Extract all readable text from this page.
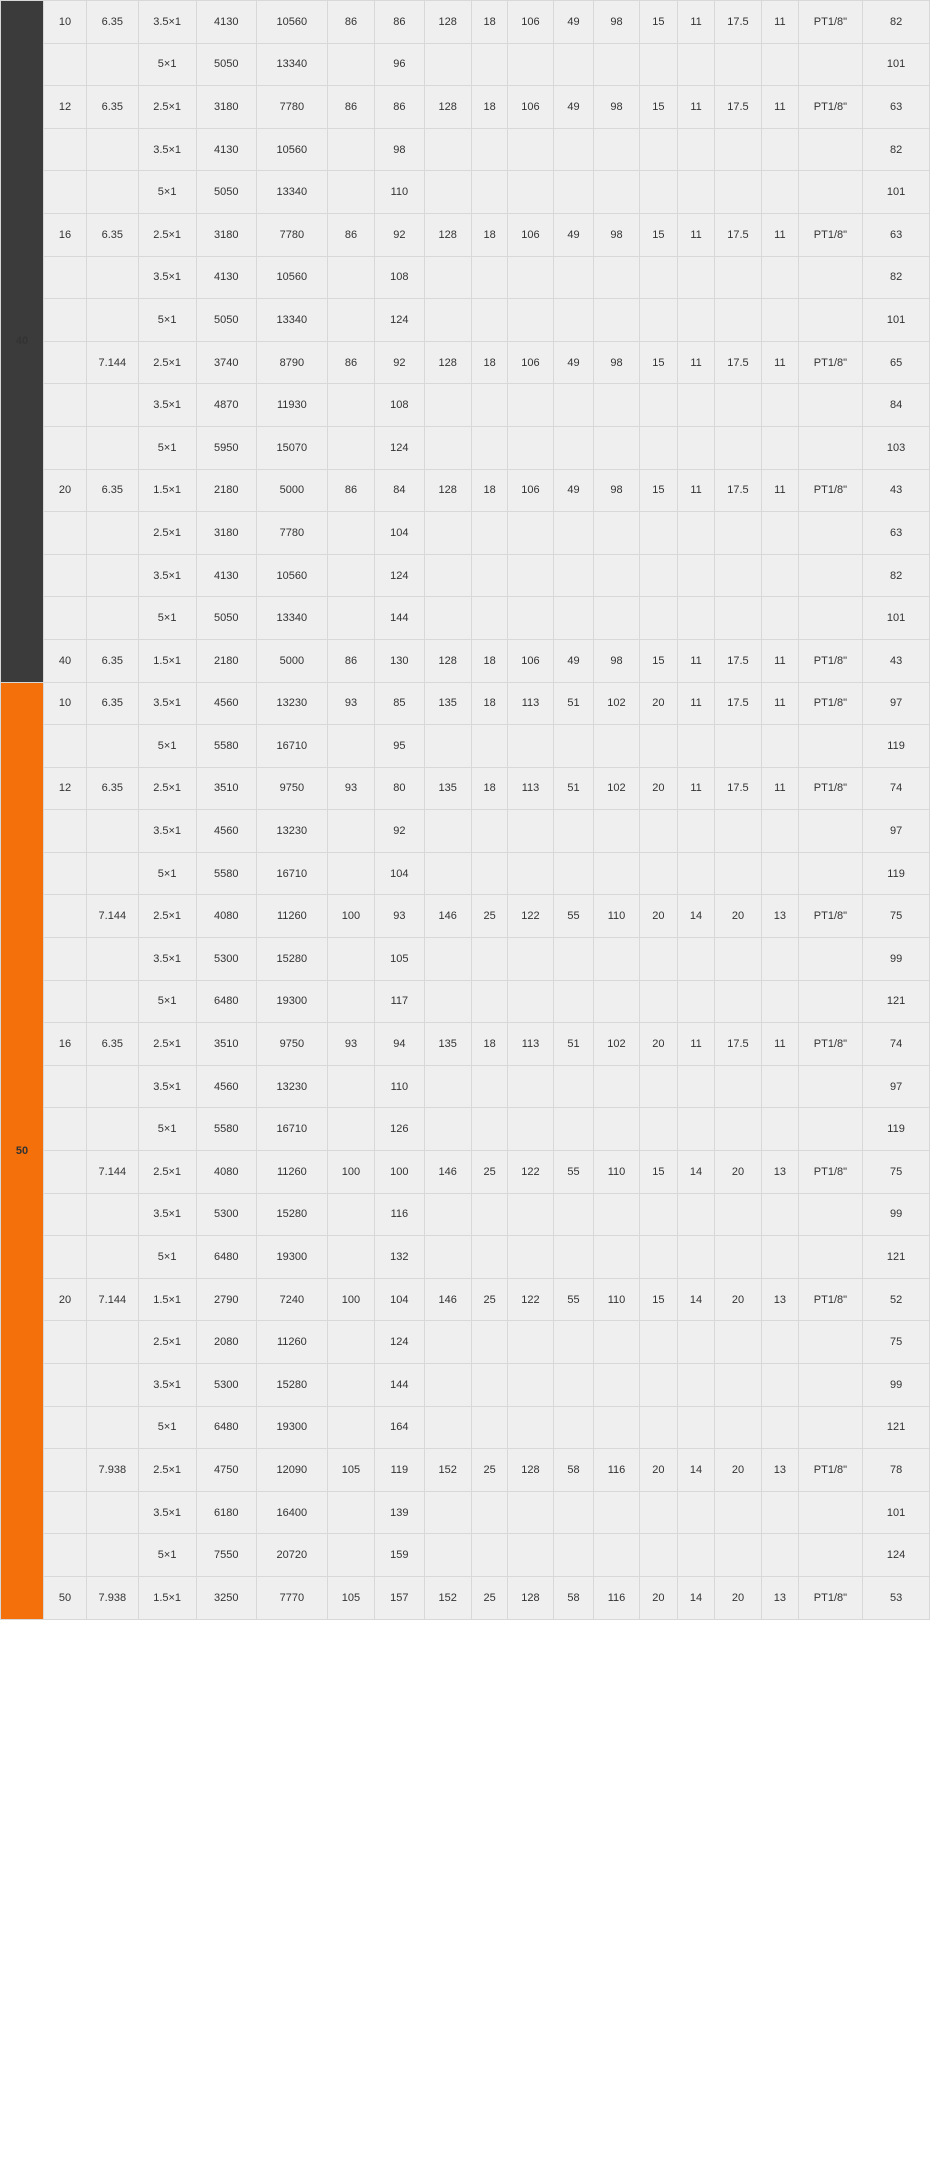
40	10	6.35	3.5×1	4130	10560	86	86	128	18	106	49	98	15	11	17.5	11	PT1/8"	82
			5×1	5050	13340		96											101
	12	6.35	2.5×1	3180	7780	86	86	128	18	106	49	98	15	11	17.5	11	PT1/8"	63
			3.5×1	4130	10560		98											82
			5×1	5050	13340		110											101
	16	6.35	2.5×1	3180	7780	86	92	128	18	106	49	98	15	11	17.5	11	PT1/8"	63
			3.5×1	4130	10560		108											82
			5×1	5050	13340		124											101
		7.144	2.5×1	3740	8790	86	92	128	18	106	49	98	15	11	17.5	11	PT1/8"	65
			3.5×1	4870	11930		108											84
			5×1	5950	15070		124											103
	20	6.35	1.5×1	2180	5000	86	84	128	18	106	49	98	15	11	17.5	11	PT1/8"	43
			2.5×1	3180	7780		104											63
			3.5×1	4130	10560		124											82
			5×1	5050	13340		144											101
	40	6.35	1.5×1	2180	5000	86	130	128	18	106	49	98	15	11	17.5	11	PT1/8"	43
50	10	6.35	3.5×1	4560	13230	93	85	135	18	113	51	102	20	11	17.5	11	PT1/8"	97
			5×1	5580	16710		95											119
	12	6.35	2.5×1	3510	9750	93	80	135	18	113	51	102	20	11	17.5	11	PT1/8"	74
			3.5×1	4560	13230		92											97
			5×1	5580	16710		104											119
		7.144	2.5×1	4080	11260	100	93	146	25	122	55	110	20	14	20	13	PT1/8"	75
			3.5×1	5300	15280		105											99
			5×1	6480	19300		117											121
	16	6.35	2.5×1	3510	9750	93	94	135	18	113	51	102	20	11	17.5	11	PT1/8"	74
			3.5×1	4560	13230		110											97
			5×1	5580	16710		126											119
		7.144	2.5×1	4080	11260	100	100	146	25	122	55	110	15	14	20	13	PT1/8"	75
			3.5×1	5300	15280		116											99
			5×1	6480	19300		132											121
	20	7.144	1.5×1	2790	7240	100	104	146	25	122	55	110	15	14	20	13	PT1/8"	52
			2.5×1	2080	11260		124											75
			3.5×1	5300	15280		144											99
			5×1	6480	19300		164											121
		7.938	2.5×1	4750	12090	105	119	152	25	128	58	116	20	14	20	13	PT1/8"	78
			3.5×1	6180	16400		139											101
			5×1	7550	20720		159											124
	50	7.938	1.5×1	3250	7770	105	157	152	25	128	58	116	20	14	20	13	PT1/8"	53
